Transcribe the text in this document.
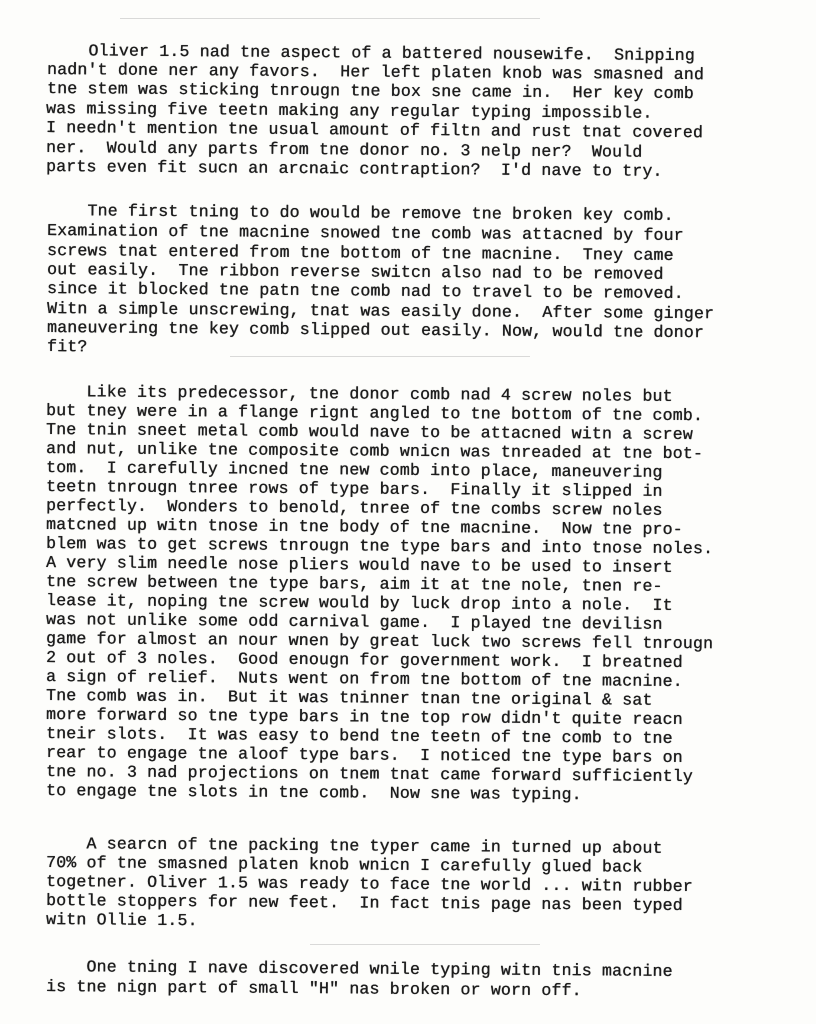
Oliver 1.5 nad tne aspect of a battered nousewife.  Snipping
nadn't done ner any favors.  Her left platen knob was smasned and
tne stem was sticking tnrougn tne box sne came in.  Her key comb
was missing five teetn making any regular typing impossible.
I needn't mention tne usual amount of filtn and rust tnat covered
ner.  Would any parts from tne donor no. 3 nelp ner?  Would
parts even fit sucn an arcnaic contraption?  I'd nave to try.
Tne first tning to do would be remove tne broken key comb.
Examination of tne macnine snowed tne comb was attacned by four
screws tnat entered from tne bottom of tne macnine.  Tney came
out easily.  Tne ribbon reverse switcn also nad to be removed
since it blocked tne patn tne comb nad to travel to be removed.
Witn a simple unscrewing, tnat was easily done.  After some ginger
maneuvering tne key comb slipped out easily. Now, would tne donor
fit?
Like its predecessor, tne donor comb nad 4 screw noles but
but tney were in a flange rignt angled to tne bottom of tne comb.
Tne tnin sneet metal comb would nave to be attacned witn a screw
and nut, unlike tne composite comb wnicn was tnreaded at tne bot-
tom.  I carefully incned tne new comb into place, maneuvering
teetn tnrougn tnree rows of type bars.  Finally it slipped in
perfectly.  Wonders to benold, tnree of tne combs screw noles
matcned up witn tnose in tne body of tne macnine.  Now tne pro-
blem was to get screws tnrougn tne type bars and into tnose noles.
A very slim needle nose pliers would nave to be used to insert
tne screw between tne type bars, aim it at tne nole, tnen re-
lease it, noping tne screw would by luck drop into a nole.  It
was not unlike some odd carnival game.  I played tne devilisn
game for almost an nour wnen by great luck two screws fell tnrougn
2 out of 3 noles.  Good enougn for government work.  I breatned
a sign of relief.  Nuts went on from tne bottom of tne macnine.
Tne comb was in.  But it was tninner tnan tne original & sat
more forward so tne type bars in tne top row didn't quite reacn
tneir slots.  It was easy to bend tne teetn of tne comb to tne
rear to engage tne aloof type bars.  I noticed tne type bars on
tne no. 3 nad projections on tnem tnat came forward sufficiently
to engage tne slots in tne comb.  Now sne was typing.
A searcn of tne packing tne typer came in turned up about
70% of tne smasned platen knob wnicn I carefully glued back
togetner. Oliver 1.5 was ready to face tne world ... witn rubber
bottle stoppers for new feet.  In fact tnis page nas been typed
witn Ollie 1.5.
One tning I nave discovered wnile typing witn tnis macnine
is tne nign part of small "H" nas broken or worn off.
